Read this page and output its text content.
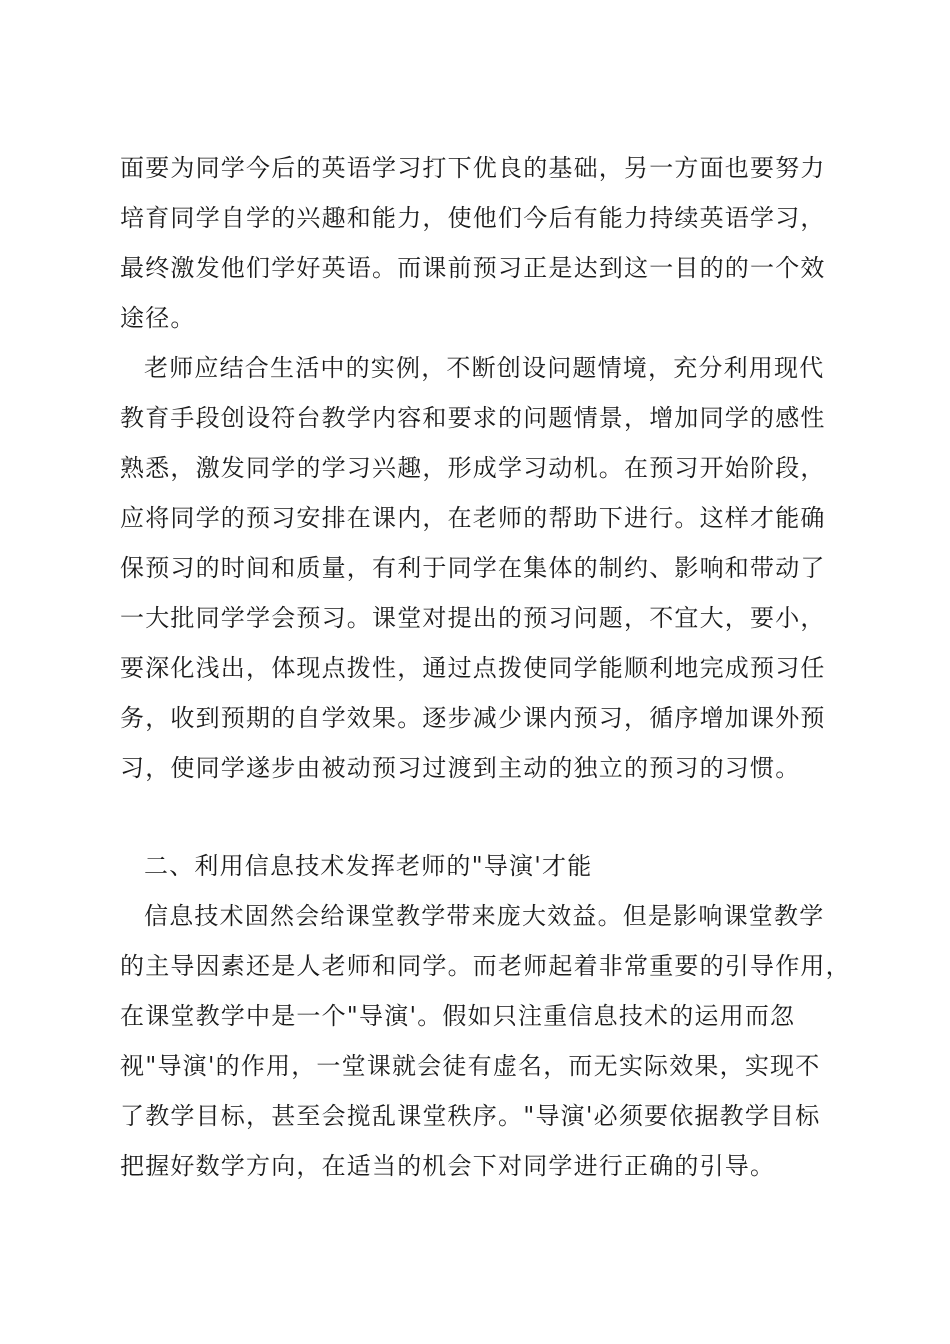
面要为同学今后的英语学习打下优良的基础，另一方面也要努力
培育同学自学的兴趣和能力，使他们今后有能力持续英语学习，
最终激发他们学好英语。而课前预习正是达到这一目的的一个效
途径。
老师应结合生活中的实例，不断创设问题情境，充分利用现代
教育手段创设符台教学内容和要求的问题情景，增加同学的感性
熟悉，激发同学的学习兴趣，形成学习动机。在预习开始阶段，
应将同学的预习安排在课内，在老师的帮助下进行。这样才能确
保预习的时间和质量，有利于同学在集体的制约、影响和带动了
一大批同学学会预习。课堂对提出的预习问题，不宜大，要小，
要深化浅出，体现点拨性，通过点拨使同学能顺利地完成预习任
务，收到预期的自学效果。逐步减少课内预习，循序增加课外预
习，使同学遂步由被动预习过渡到主动的独立的预习的习惯。
二、利用信息技术发挥老师的"导演'才能
信息技术固然会给课堂教学带来庞大效益。但是影响课堂教学
的主导因素还是人老师和同学。而老师起着非常重要的引导作用，
在课堂教学中是一个"导演'。假如只注重信息技术的运用而忽
视"导演'的作用，一堂课就会徒有虚名，而无实际效果，实现不
了教学目标，甚至会搅乱课堂秩序。"导演'必须要依据教学目标
把握好数学方向，在适当的机会下对同学进行正确的引导。
